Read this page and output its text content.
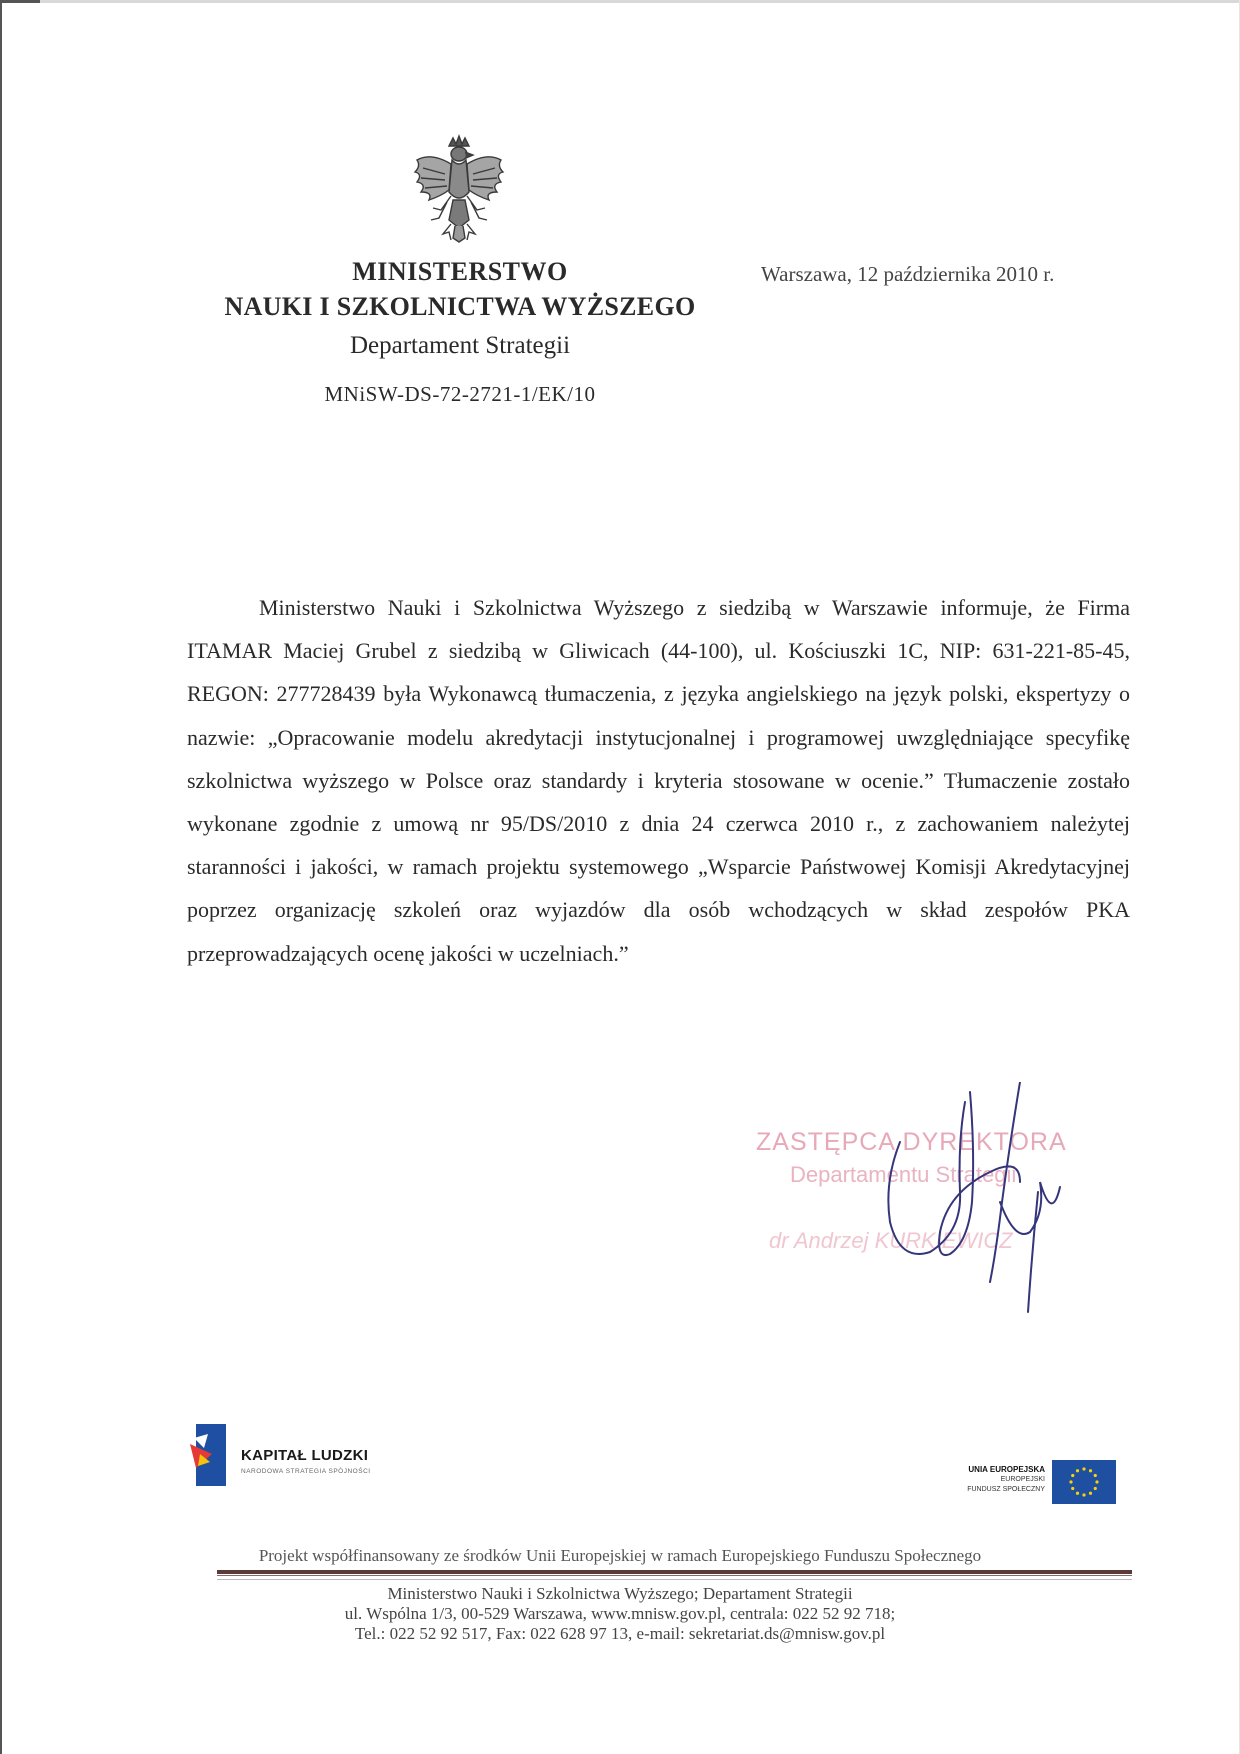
MINISTERSTWO
NAUKI I SZKOLNICTWA WYŻSZEGO
Departament Strategii
MNiSW-DS-72-2721-1/EK/10
Warszawa, 12 października 2010 r.

Ministerstwo Nauki i Szkolnictwa Wyższego z siedzibą w Warszawie informuje, że Firma ITAMAR Maciej Grubel z siedzibą w Gliwicach (44-100), ul. Kościuszki 1C, NIP: 631-221-85-45, REGON: 277728439 była Wykonawcą tłumaczenia, z języka angielskiego na język polski, ekspertyzy o nazwie: „Opracowanie modelu akredytacji instytucjonalnej i programowej uwzględniające specyfikę szkolnictwa wyższego w Polsce oraz standardy i kryteria stosowane w ocenie.” Tłumaczenie zostało wykonane zgodnie z umową nr 95/DS/2010 z dnia 24 czerwca 2010 r., z zachowaniem należytej staranności i jakości, w ramach projektu systemowego „Wsparcie Państwowej Komisji Akredytacyjnej poprzez organizację szkoleń oraz wyjazdów dla osób wchodzących w skład zespołów PKA przeprowadzających ocenę jakości w uczelniach.”

ZASTĘPCA DYREKTORA
Departamentu Strategii
dr Andrzej KURKIEWICZ
KAPITAŁ LUDZKI
NARODOWA STRATEGIA SPÓJNOŚCI	UNIA EUROPEJSKA
EUROPEJSKI
FUNDUSZ SPOŁECZNY
Projekt współfinansowany ze środków Unii Europejskiej w ramach Europejskiego Funduszu Społecznego
Ministerstwo Nauki i Szkolnictwa Wyższego; Departament Strategii
ul. Wspólna 1/3, 00-529 Warszawa, www.mnisw.gov.pl, centrala: 022 52 92 718;
Tel.: 022 52 92 517, Fax: 022 628 97 13, e-mail: sekretariat.ds@mnisw.gov.pl
